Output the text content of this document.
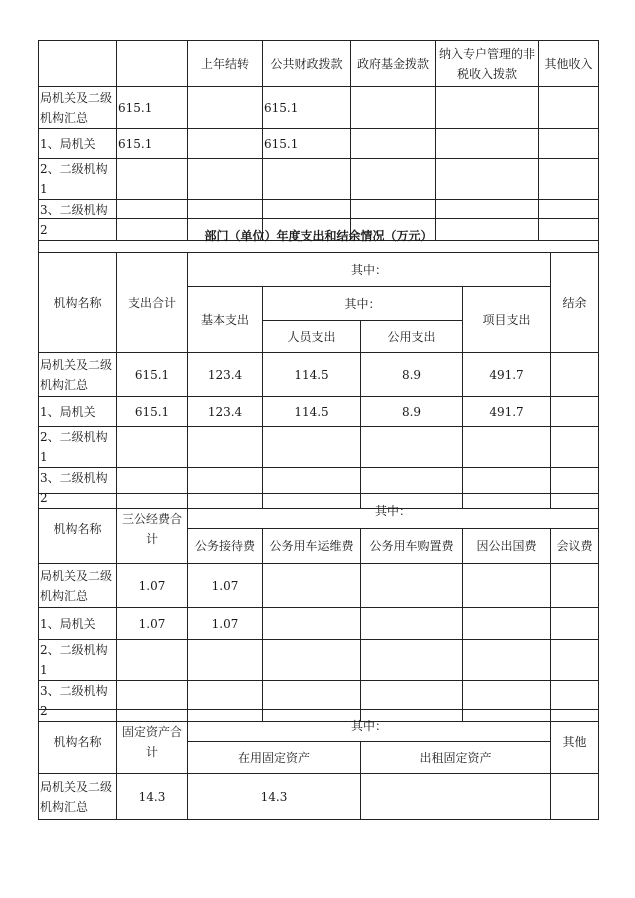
		上年结转	公共财政拨款	政府基金拨款	纳入专户管理的非税收入拨款	其他收入
局机关及二级机构汇总	615.1		615.1			
1、局机关	615.1		615.1			
2、二级机构1						
3、二级机构2							部门（单位）年度支出和结余情况（万元）						
机构名称	支出合计	其中：				结余
		基本支出	其中：		项目支出	
			人员支出	公用支出		
局机关及二级机构汇总	615.1	123.4	114.5	8.9	491.7	
1、局机关	615.1	123.4	114.5	8.9	491.7	
2、二级机构1						
3、二级机构2						
机构名称	三公经费合计	其中：				
		公务接待费	公务用车运维费	公务用车购置费	因公出国费	会议费
局机关及二级机构汇总	1.07	1.07				
1、局机关	1.07	1.07				
2、二级机构1						
3、二级机构2						
机构名称	固定资产合计	其中：		其他
		在用固定资产	出租固定资产	
局机关及二级机构汇总	14.3	14.3		
